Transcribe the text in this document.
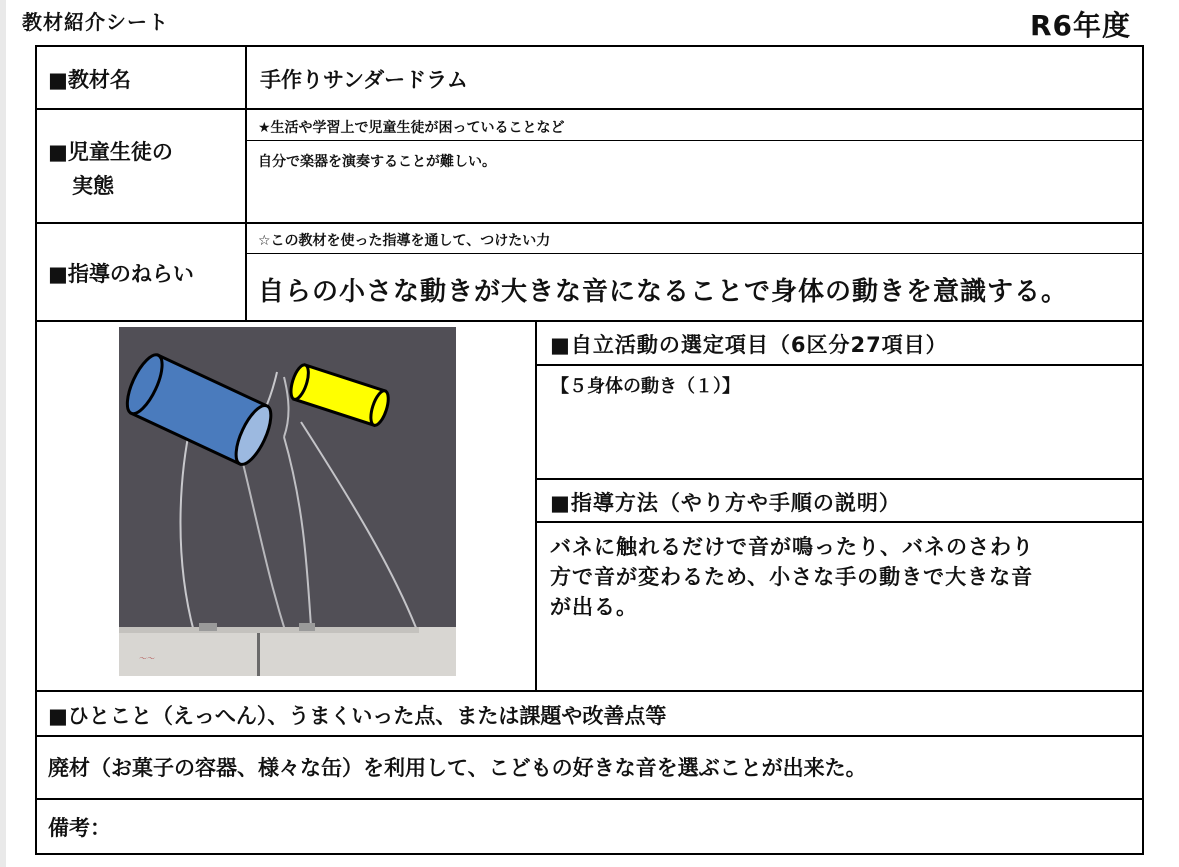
教材紹介シート	R6年度
■教材名	手作りサンダードラム
■児童生徒の
実態
★生活や学習上で児童生徒が困っていることなど
自分で楽器を演奏することが難しい。
■指導のねらい
☆この教材を使った指導を通して、つけたい力
自らの小さな動きが大きな音になることで身体の動きを意識する。
～～
■自立活動の選定項目（6区分27項目）
【５身体の動き（１）】
■指導方法（やり方や手順の説明）
バネに触れるだけで音が鳴ったり、バネのさわり
方で音が変わるため、小さな手の動きで大きな音
が出る。
■ひとこと（えっへん）、うまくいった点、または課題や改善点等
廃材（お菓子の容器、様々な缶）を利用して、こどもの好きな音を選ぶことが出来た。
備考：
